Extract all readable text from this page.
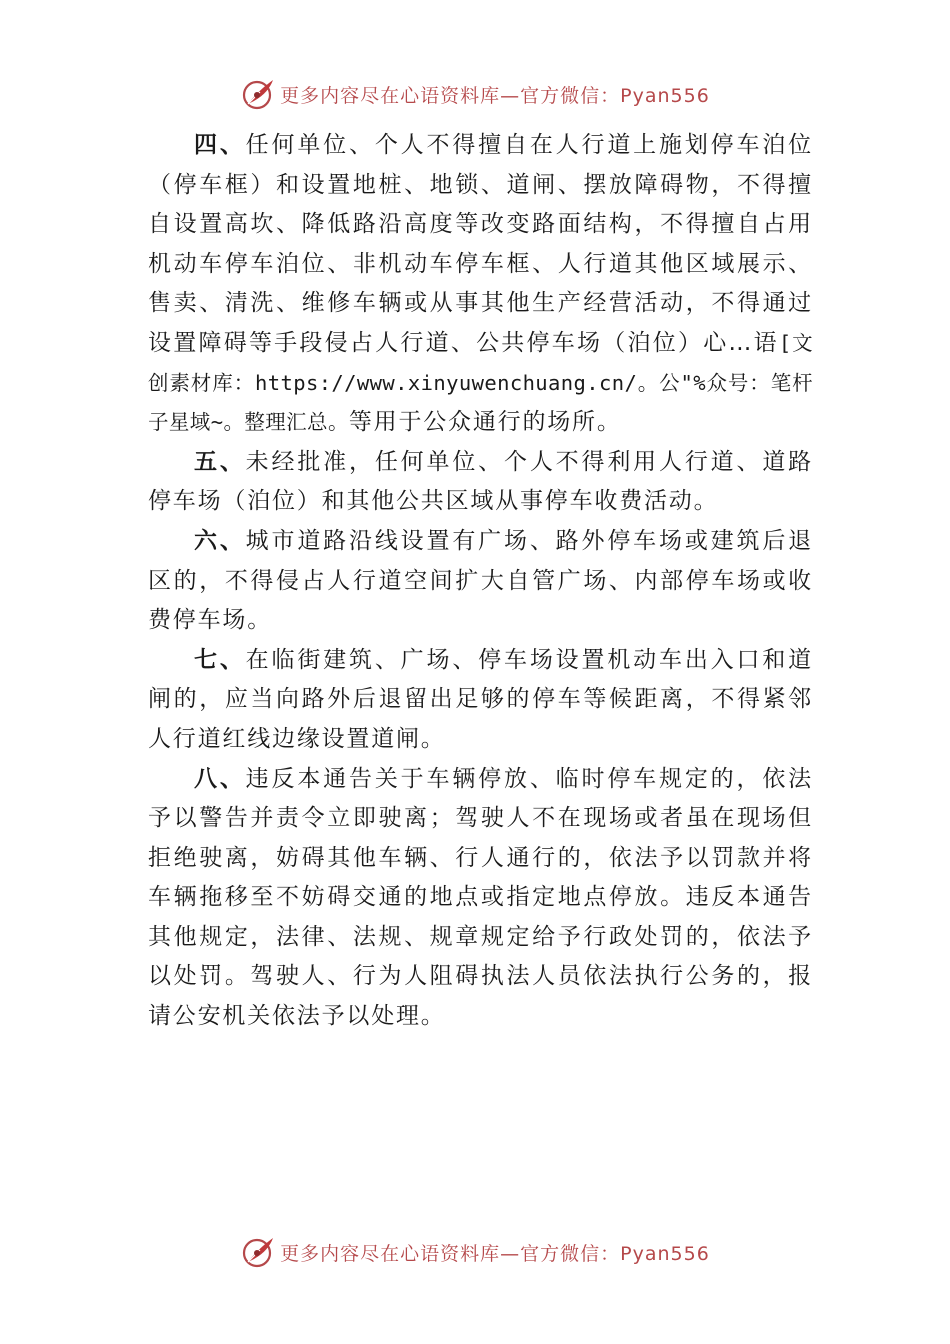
更多内容尽在心语资料库—官方微信：Pyan556

四、任何单位、个人不得擅自在人行道上施划停车泊位（停车框）和设置地桩、地锁、道闸、摆放障碍物，不得擅自设置高坎、降低路沿高度等改变路面结构，不得擅自占用机动车停车泊位、非机动车停车框、人行道其他区域展示、售卖、清洗、维修车辆或从事其他生产经营活动，不得通过设置障碍等手段侵占人行道、公共停车场（泊位）心…语[文创素材库：https://www.xinyuwenchuang.cn/。公"%众号：笔杆子星域~。整理汇总。等用于公众通行的场所。

五、未经批准，任何单位、个人不得利用人行道、道路停车场（泊位）和其他公共区域从事停车收费活动。

六、城市道路沿线设置有广场、路外停车场或建筑后退区的，不得侵占人行道空间扩大自管广场、内部停车场或收费停车场。

七、在临街建筑、广场、停车场设置机动车出入口和道闸的，应当向路外后退留出足够的停车等候距离，不得紧邻人行道红线边缘设置道闸。

八、违反本通告关于车辆停放、临时停车规定的，依法予以警告并责令立即驶离；驾驶人不在现场或者虽在现场但拒绝驶离，妨碍其他车辆、行人通行的，依法予以罚款并将车辆拖移至不妨碍交通的地点或指定地点停放。违反本通告其他规定，法律、法规、规章规定给予行政处罚的，依法予以处罚。驾驶人、行为人阻碍执法人员依法执行公务的，报请公安机关依法予以处理。

更多内容尽在心语资料库—官方微信：Pyan556
